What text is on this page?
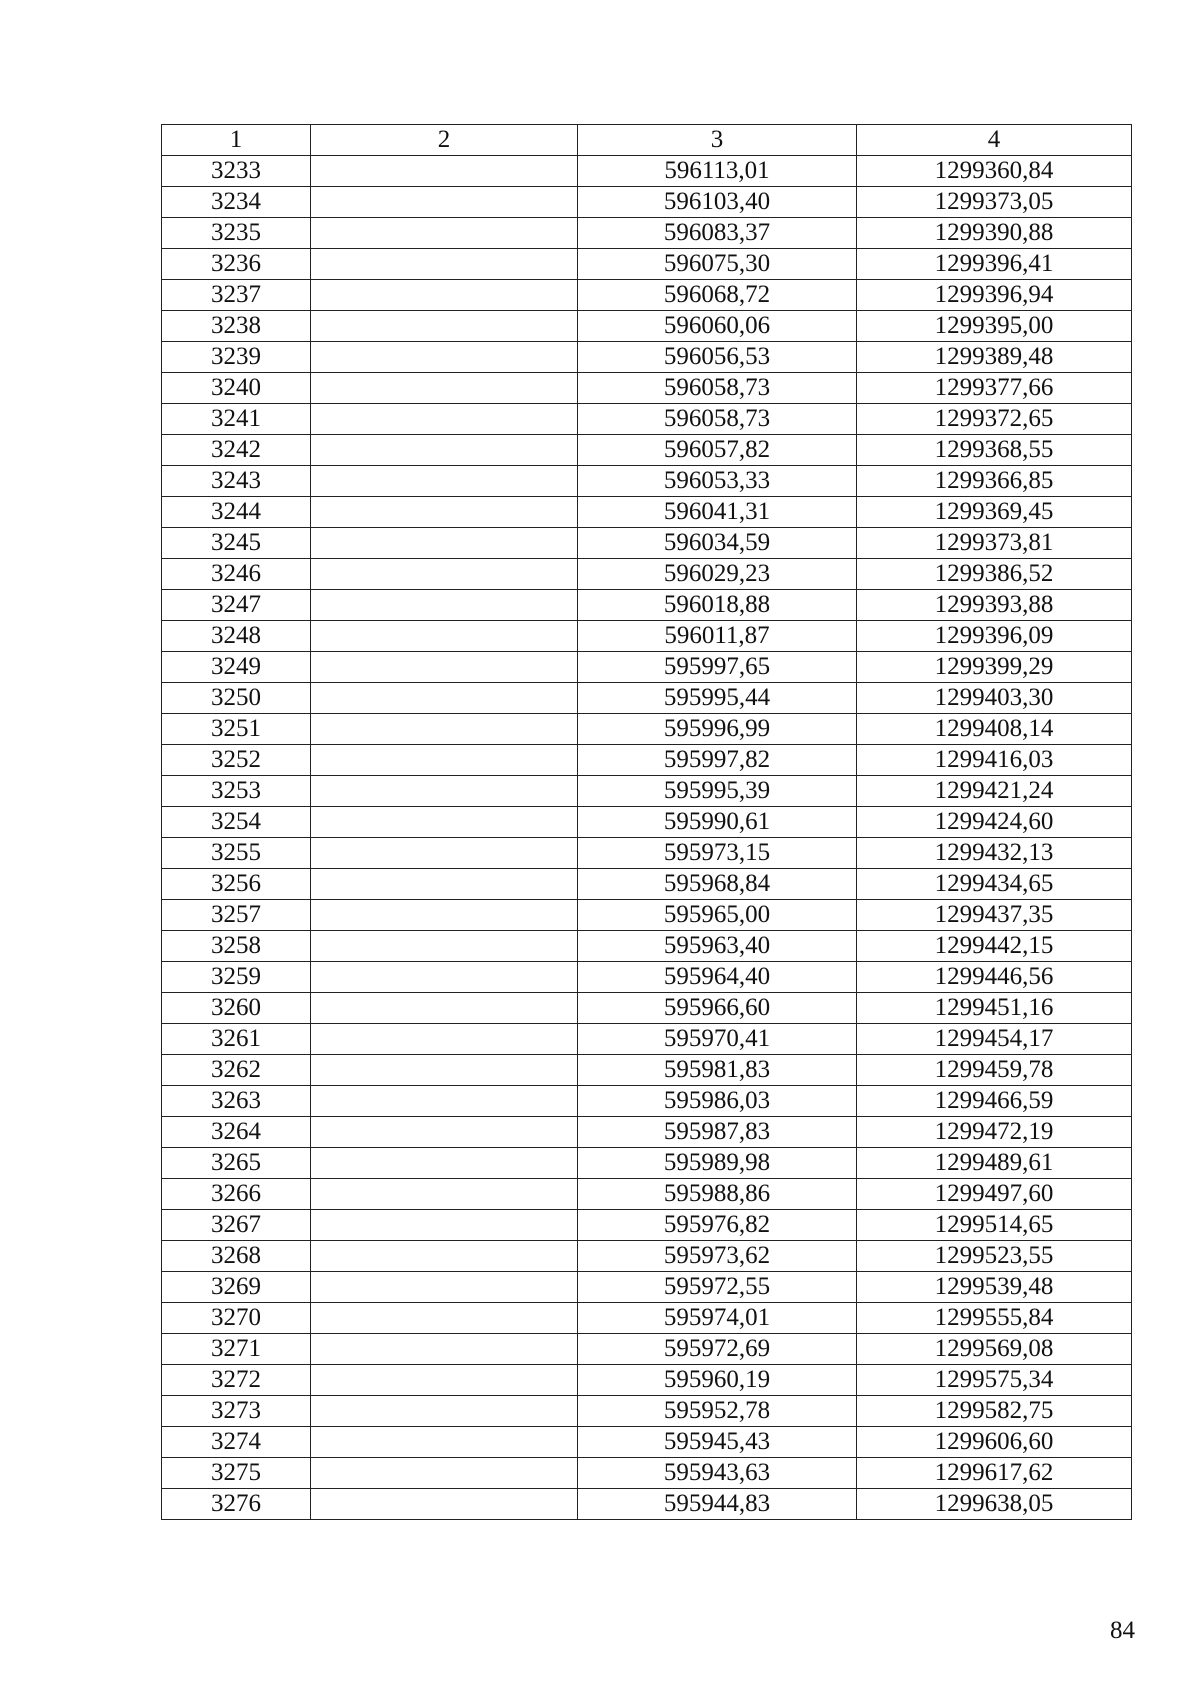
1	2	3	4
3233		596113,01	1299360,84
3234		596103,40	1299373,05
3235		596083,37	1299390,88
3236		596075,30	1299396,41
3237		596068,72	1299396,94
3238		596060,06	1299395,00
3239		596056,53	1299389,48
3240		596058,73	1299377,66
3241		596058,73	1299372,65
3242		596057,82	1299368,55
3243		596053,33	1299366,85
3244		596041,31	1299369,45
3245		596034,59	1299373,81
3246		596029,23	1299386,52
3247		596018,88	1299393,88
3248		596011,87	1299396,09
3249		595997,65	1299399,29
3250		595995,44	1299403,30
3251		595996,99	1299408,14
3252		595997,82	1299416,03
3253		595995,39	1299421,24
3254		595990,61	1299424,60
3255		595973,15	1299432,13
3256		595968,84	1299434,65
3257		595965,00	1299437,35
3258		595963,40	1299442,15
3259		595964,40	1299446,56
3260		595966,60	1299451,16
3261		595970,41	1299454,17
3262		595981,83	1299459,78
3263		595986,03	1299466,59
3264		595987,83	1299472,19
3265		595989,98	1299489,61
3266		595988,86	1299497,60
3267		595976,82	1299514,65
3268		595973,62	1299523,55
3269		595972,55	1299539,48
3270		595974,01	1299555,84
3271		595972,69	1299569,08
3272		595960,19	1299575,34
3273		595952,78	1299582,75
3274		595945,43	1299606,60
3275		595943,63	1299617,62
3276		595944,83	1299638,05
84
